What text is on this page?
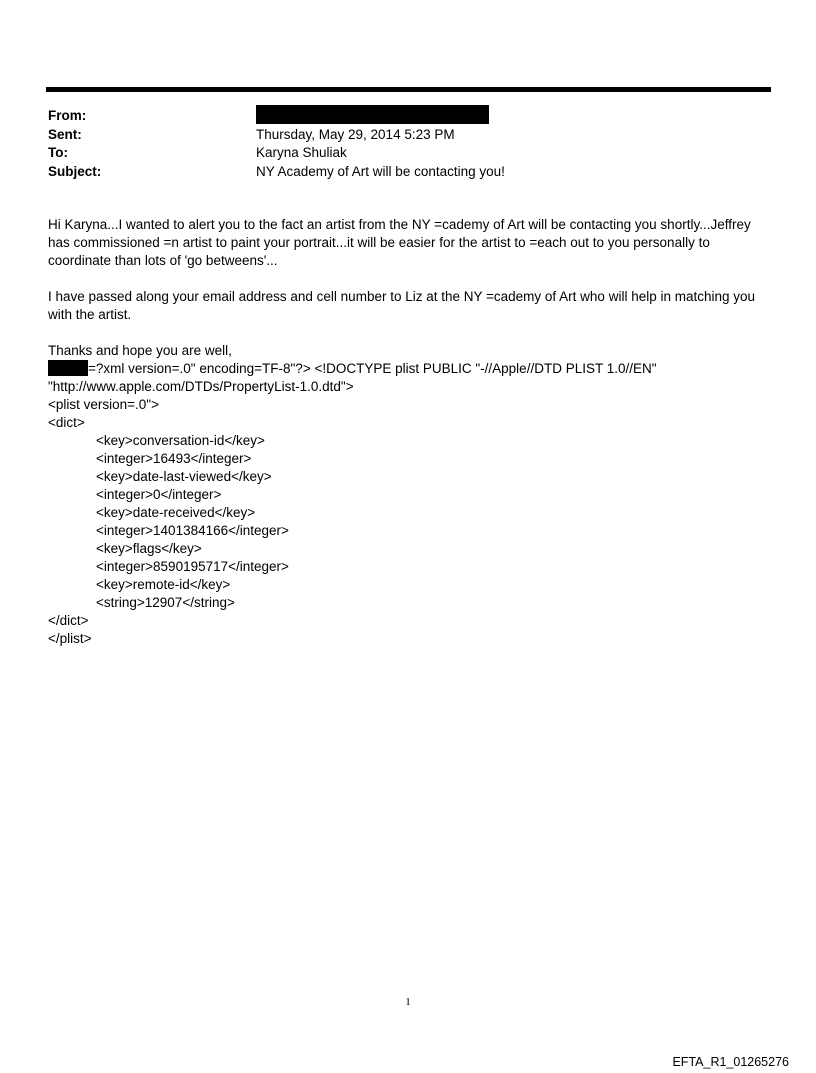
From:
Sent:	Thursday, May 29, 2014 5:23 PM
To:	Karyna Shuliak
Subject:	NY Academy of Art will be contacting you!

Hi Karyna...I wanted to alert you to the fact an artist from the NY =cademy of Art will be contacting you shortly...Jeffrey has commissioned =n artist to paint your portrait...it will be easier for the artist to =each out to you personally to coordinate than lots of 'go betweens'...

I have passed along your email address and cell number to Liz at the NY =cademy of Art who will help in matching you with the artist.

Thanks and hope you are well,
=?xml version=.0" encoding=TF-8"?> <!DOCTYPE plist PUBLIC "-//Apple//DTD PLIST 1.0//EN"
"http://www.apple.com/DTDs/PropertyList-1.0.dtd">
<plist version=.0">
<dict>
<key>conversation-id</key>
<integer>16493</integer>
<key>date-last-viewed</key>
<integer>0</integer>
<key>date-received</key>
<integer>1401384166</integer>
<key>flags</key>
<integer>8590195717</integer>
<key>remote-id</key>
<string>12907</string>
</dict>
</plist>
1
EFTA_R1_01265276
